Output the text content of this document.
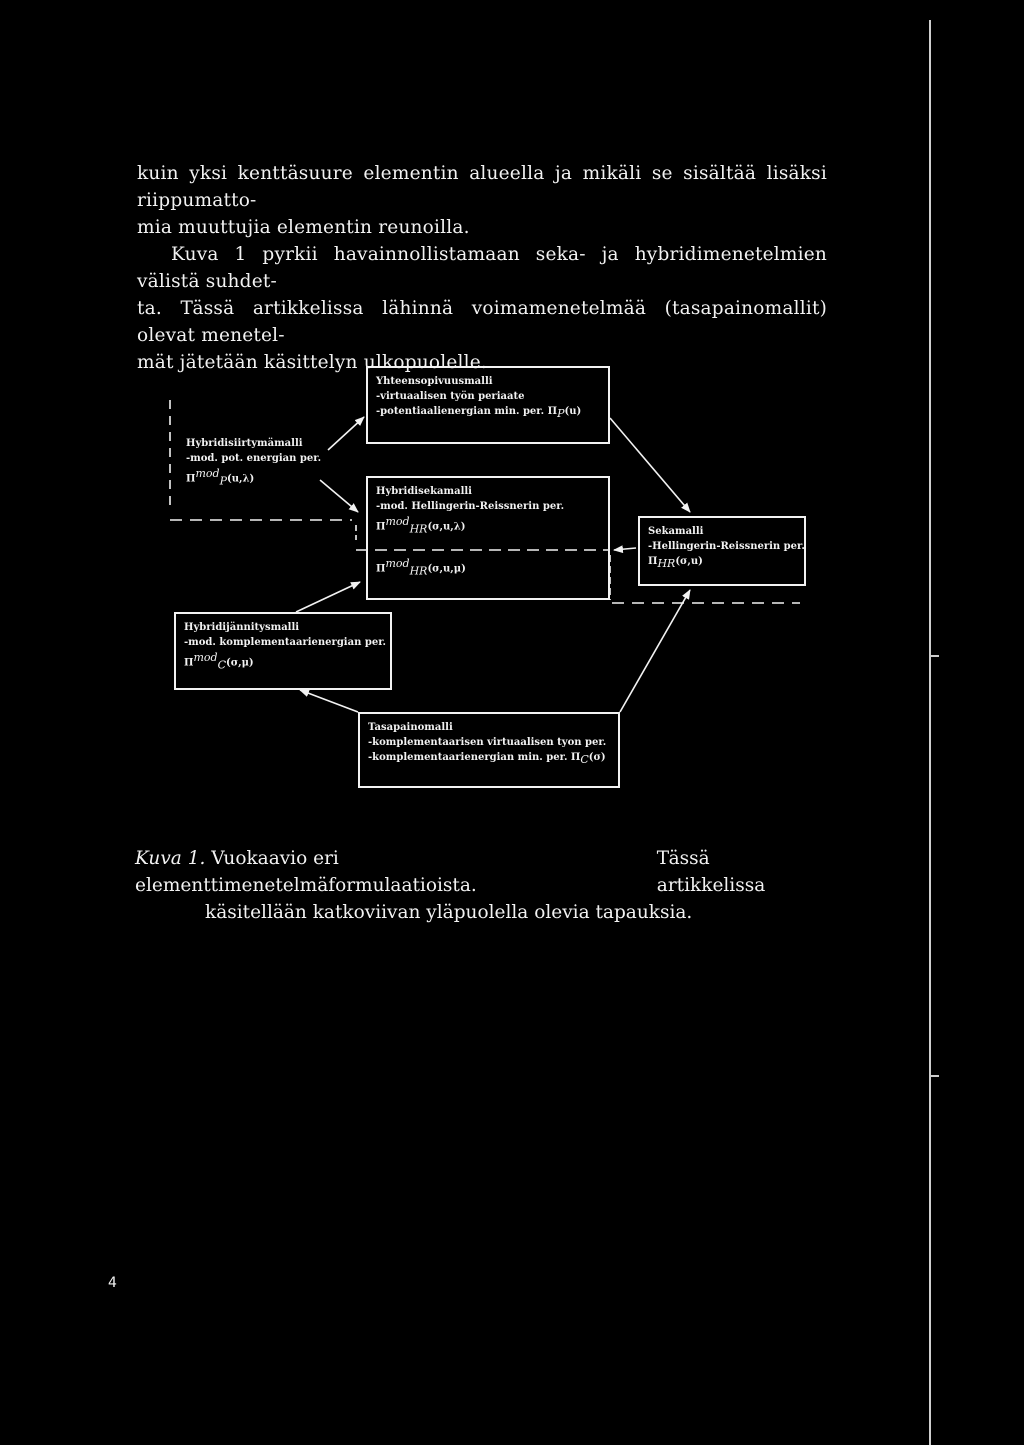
kuin yksi kenttäsuure elementin alueella ja mikäli se sisältää lisäksi riippumatto-

mia muuttujia elementin reunoilla.

Kuva 1 pyrkii havainnollistamaan seka- ja hybridimenetelmien välistä suhdet-

ta. Tässä artikkelissa lähinnä voimamenetelmää (tasapainomallit) olevat menetel-

mät jätetään käsittelyn ulkopuolelle.

Yhteensopivuusmalli
-virtuaalisen työn periaate
-potentiaalienergian min. per. $\Pi_P(u)$
Hybridisiirtymämalli
-mod. pot. energian per.
$\Pi^{mod}_P(u,\lambda)$
Hybridisekamalli
-mod. Hellingerin-Reissnerin per.
$\Pi^{mod}_{HR}(\sigma,u,\lambda)$
$\Pi^{mod}_{HR}(\sigma,u,\mu)$
Sekamalli
-Hellingerin-Reissnerin per.
$\Pi_{HR}(\sigma,u)$
Hybridijännitysmalli
-mod. komplementaarienergian per.
$\Pi^{mod}_C(\sigma,\mu)$
Tasapainomalli
-komplementaarisen virtuaalisen tyon per.
-komplementaarienergian min. per. $\Pi_C(\sigma)$
Kuva 1. Vuokaavio eri elementtimenetelmäformulaatioista.
Tässä artikkelissa
käsitellään katkoviivan yläpuolella olevia tapauksia.
4
